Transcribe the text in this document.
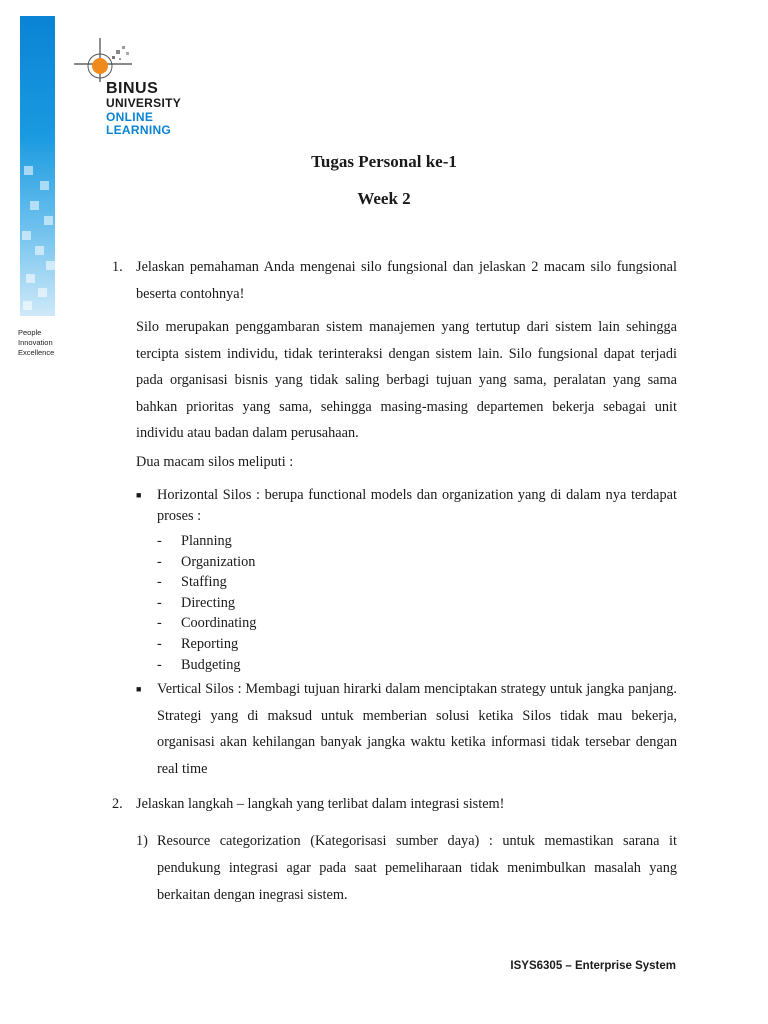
People
Innovation
Excellence
BINUS
UNIVERSITY
ONLINE
LEARNING
Tugas Personal ke-1
Week 2
1. Jelaskan pemahaman Anda mengenai silo fungsional dan jelaskan 2 macam silo fungsional beserta contohnya!
Silo merupakan penggambaran sistem manajemen yang tertutup dari sistem lain sehingga tercipta sistem individu, tidak terinteraksi dengan sistem lain. Silo fungsional dapat terjadi pada organisasi bisnis yang tidak saling berbagi tujuan yang sama, peralatan yang sama bahkan prioritas yang sama, sehingga masing-masing departemen bekerja sebagai unit individu atau badan dalam perusahaan.
Dua macam silos meliputi :
■	Horizontal Silos : berupa functional models dan organization yang di dalam nya terdapat proses :
-	Planning
-	Organization
-	Staffing
-	Directing
-	Coordinating
-	Reporting
-	Budgeting
■	Vertical Silos : Membagi tujuan hirarki dalam menciptakan strategy untuk jangka panjang. Strategi yang di maksud untuk memberian solusi ketika Silos tidak mau bekerja, organisasi akan kehilangan banyak jangka waktu ketika informasi tidak tersebar dengan real time
2. Jelaskan langkah – langkah yang terlibat dalam integrasi sistem!
1) Resource categorization (Kategorisasi sumber daya) : untuk memastikan sarana it pendukung integrasi agar pada saat pemeliharaan tidak menimbulkan masalah yang berkaitan dengan inegrasi sistem.
ISYS6305 – Enterprise System
